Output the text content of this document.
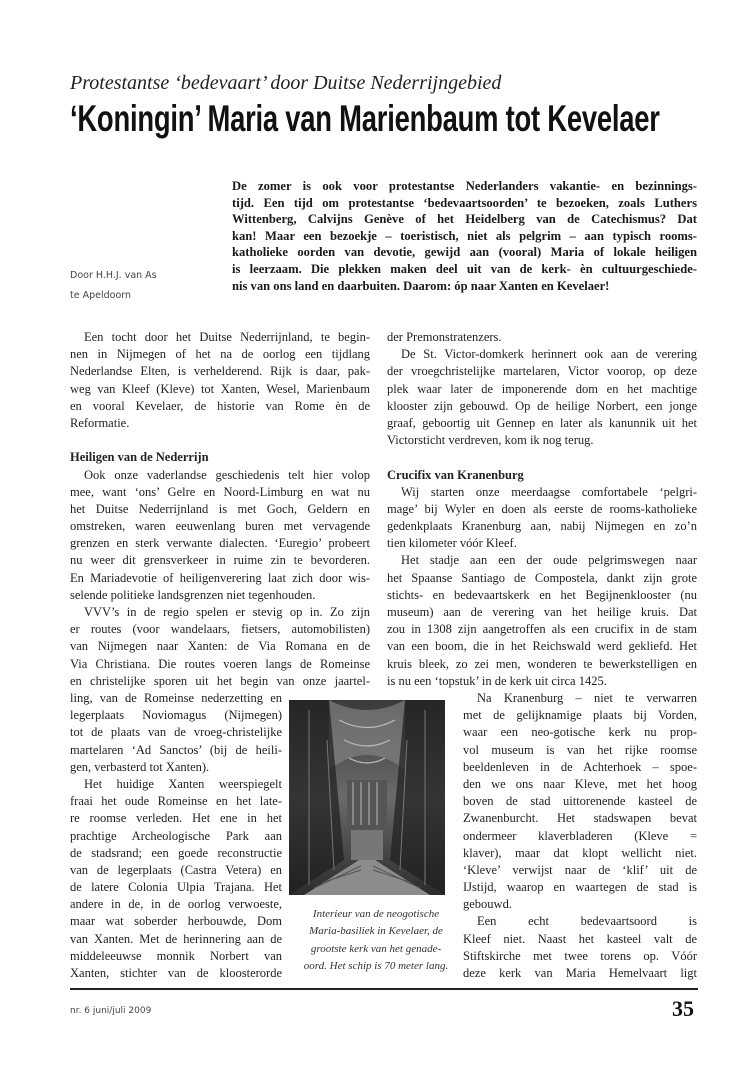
Protestantse ‘bedevaart’ door Duitse Nederrijngebied
‘Koningin’ Maria van Marienbaum tot Kevelaer
De zomer is ook voor protestantse Nederlanders vakantie- en bezinnings-
tijd. Een tijd om protestantse ‘bedevaartsoorden’ te bezoeken, zoals Luthers
Wittenberg, Calvijns Genève of het Heidelberg van de Catechismus? Dat
kan! Maar een bezoekje – toeristisch, niet als pelgrim – aan typisch rooms-
katholieke oorden van devotie, gewijd aan (vooral) Maria of lokale heiligen
is leerzaam. Die plekken maken deel uit van de kerk- èn cultuurgeschiede-
nis van ons land en daarbuiten. Daarom: óp naar Xanten en Kevelaer!
Door H.H.J. van As
te Apeldoorn
Een tocht door het Duitse Nederrijnland, te begin-
nen in Nijmegen of het na de oorlog een tijdlang
Nederlandse Elten, is verhelderend. Rijk is daar, pak-
weg van Kleef (Kleve) tot Xanten, Wesel, Marienbaum
en vooral Kevelaer, de historie van Rome èn de
Reformatie.
Heiligen van de Nederrijn
Ook onze vaderlandse geschiedenis telt hier volop
mee, want ‘ons’ Gelre en Noord-Limburg en wat nu
het Duitse Nederrijnland is met Goch, Geldern en
omstreken, waren eeuwenlang buren met vervagende
grenzen en sterk verwante dialecten. ‘Euregio’ probeert
nu weer dit grensverkeer in ruime zin te bevorderen.
En Mariadevotie of heiligenverering laat zich door wis-
selende politieke landsgrenzen niet tegenhouden.
VVV’s in de regio spelen er stevig op in. Zo zijn
er routes (voor wandelaars, fietsers, automobilisten)
van Nijmegen naar Xanten: de Via Romana en de
Via Christiana. Die routes voeren langs de Romeinse
en christelijke sporen uit het begin van onze jaartel-
ling, van de Romeinse nederzetting en
legerplaats Noviomagus (Nijmegen)
tot de plaats van de vroeg-christelijke
martelaren ‘Ad Sanctos’ (bij de heili-
gen, verbasterd tot Xanten).
Het huidige Xanten weerspiegelt
fraai het oude Romeinse en het late-
re roomse verleden. Het ene in het
prachtige Archeologische Park aan
de stadsrand; een goede reconstructie
van de legerplaats (Castra Vetera) en
de latere Colonia Ulpia Trajana. Het
andere in de, in de oorlog verwoeste,
maar wat soberder herbouwde, Dom
van Xanten. Met de herinnering aan de
middeleeuwse monnik Norbert van
Xanten, stichter van de kloosterorde
der Premonstratenzers.
De St. Victor-domkerk herinnert ook aan de verering
der vroegchristelijke martelaren, Victor voorop, op deze
plek waar later de imponerende dom en het machtige
klooster zijn gebouwd. Op de heilige Norbert, een jonge
graaf, geboortig uit Gennep en later als kanunnik uit het
Victorsticht verdreven, kom ik nog terug.
Crucifix van Kranenburg
Wij starten onze meerdaagse comfortabele ‘pelgri-
mage’ bij Wyler en doen als eerste de rooms-katholieke
gedenkplaats Kranenburg aan, nabij Nijmegen en zo’n
tien kilometer vóór Kleef.
Het stadje aan een der oude pelgrimswegen naar
het Spaanse Santiago de Compostela, dankt zijn grote
stichts- en bedevaartskerk en het Begijnenklooster (nu
museum) aan de verering van het heilige kruis. Dat
zou in 1308 zijn aangetroffen als een crucifix in de stam
van een boom, die in het Reichswald werd gekliefd. Het
kruis bleek, zo zei men, wonderen te bewerkstelligen en
is nu een ‘topstuk’ in de kerk uit circa 1425.
Na Kranenburg – niet te verwarren
met de gelijknamige plaats bij Vorden,
waar een neo-gotische kerk nu prop-
vol museum is van het rijke roomse
beeldenleven in de Achterhoek – spoe-
den we ons naar Kleve, met het hoog
boven de stad uittorenende kasteel de
Zwanenburcht. Het stadswapen bevat
ondermeer klaverbladeren (Kleve =
klaver), maar dat klopt wellicht niet.
‘Kleve’ verwijst naar de ‘klif’ uit de
IJstijd, waarop en waartegen de stad is
gebouwd.
Een echt bedevaartsoord is
Kleef niet. Naast het kasteel valt de
Stiftskirche met twee torens op. Vóór
deze kerk van Maria Hemelvaart ligt
Interieur van de neogotische
Maria-basiliek in Kevelaer, de
grootste kerk van het genade-
oord. Het schip is 70 meter lang.
nr. 6 juni/juli 2009	35
